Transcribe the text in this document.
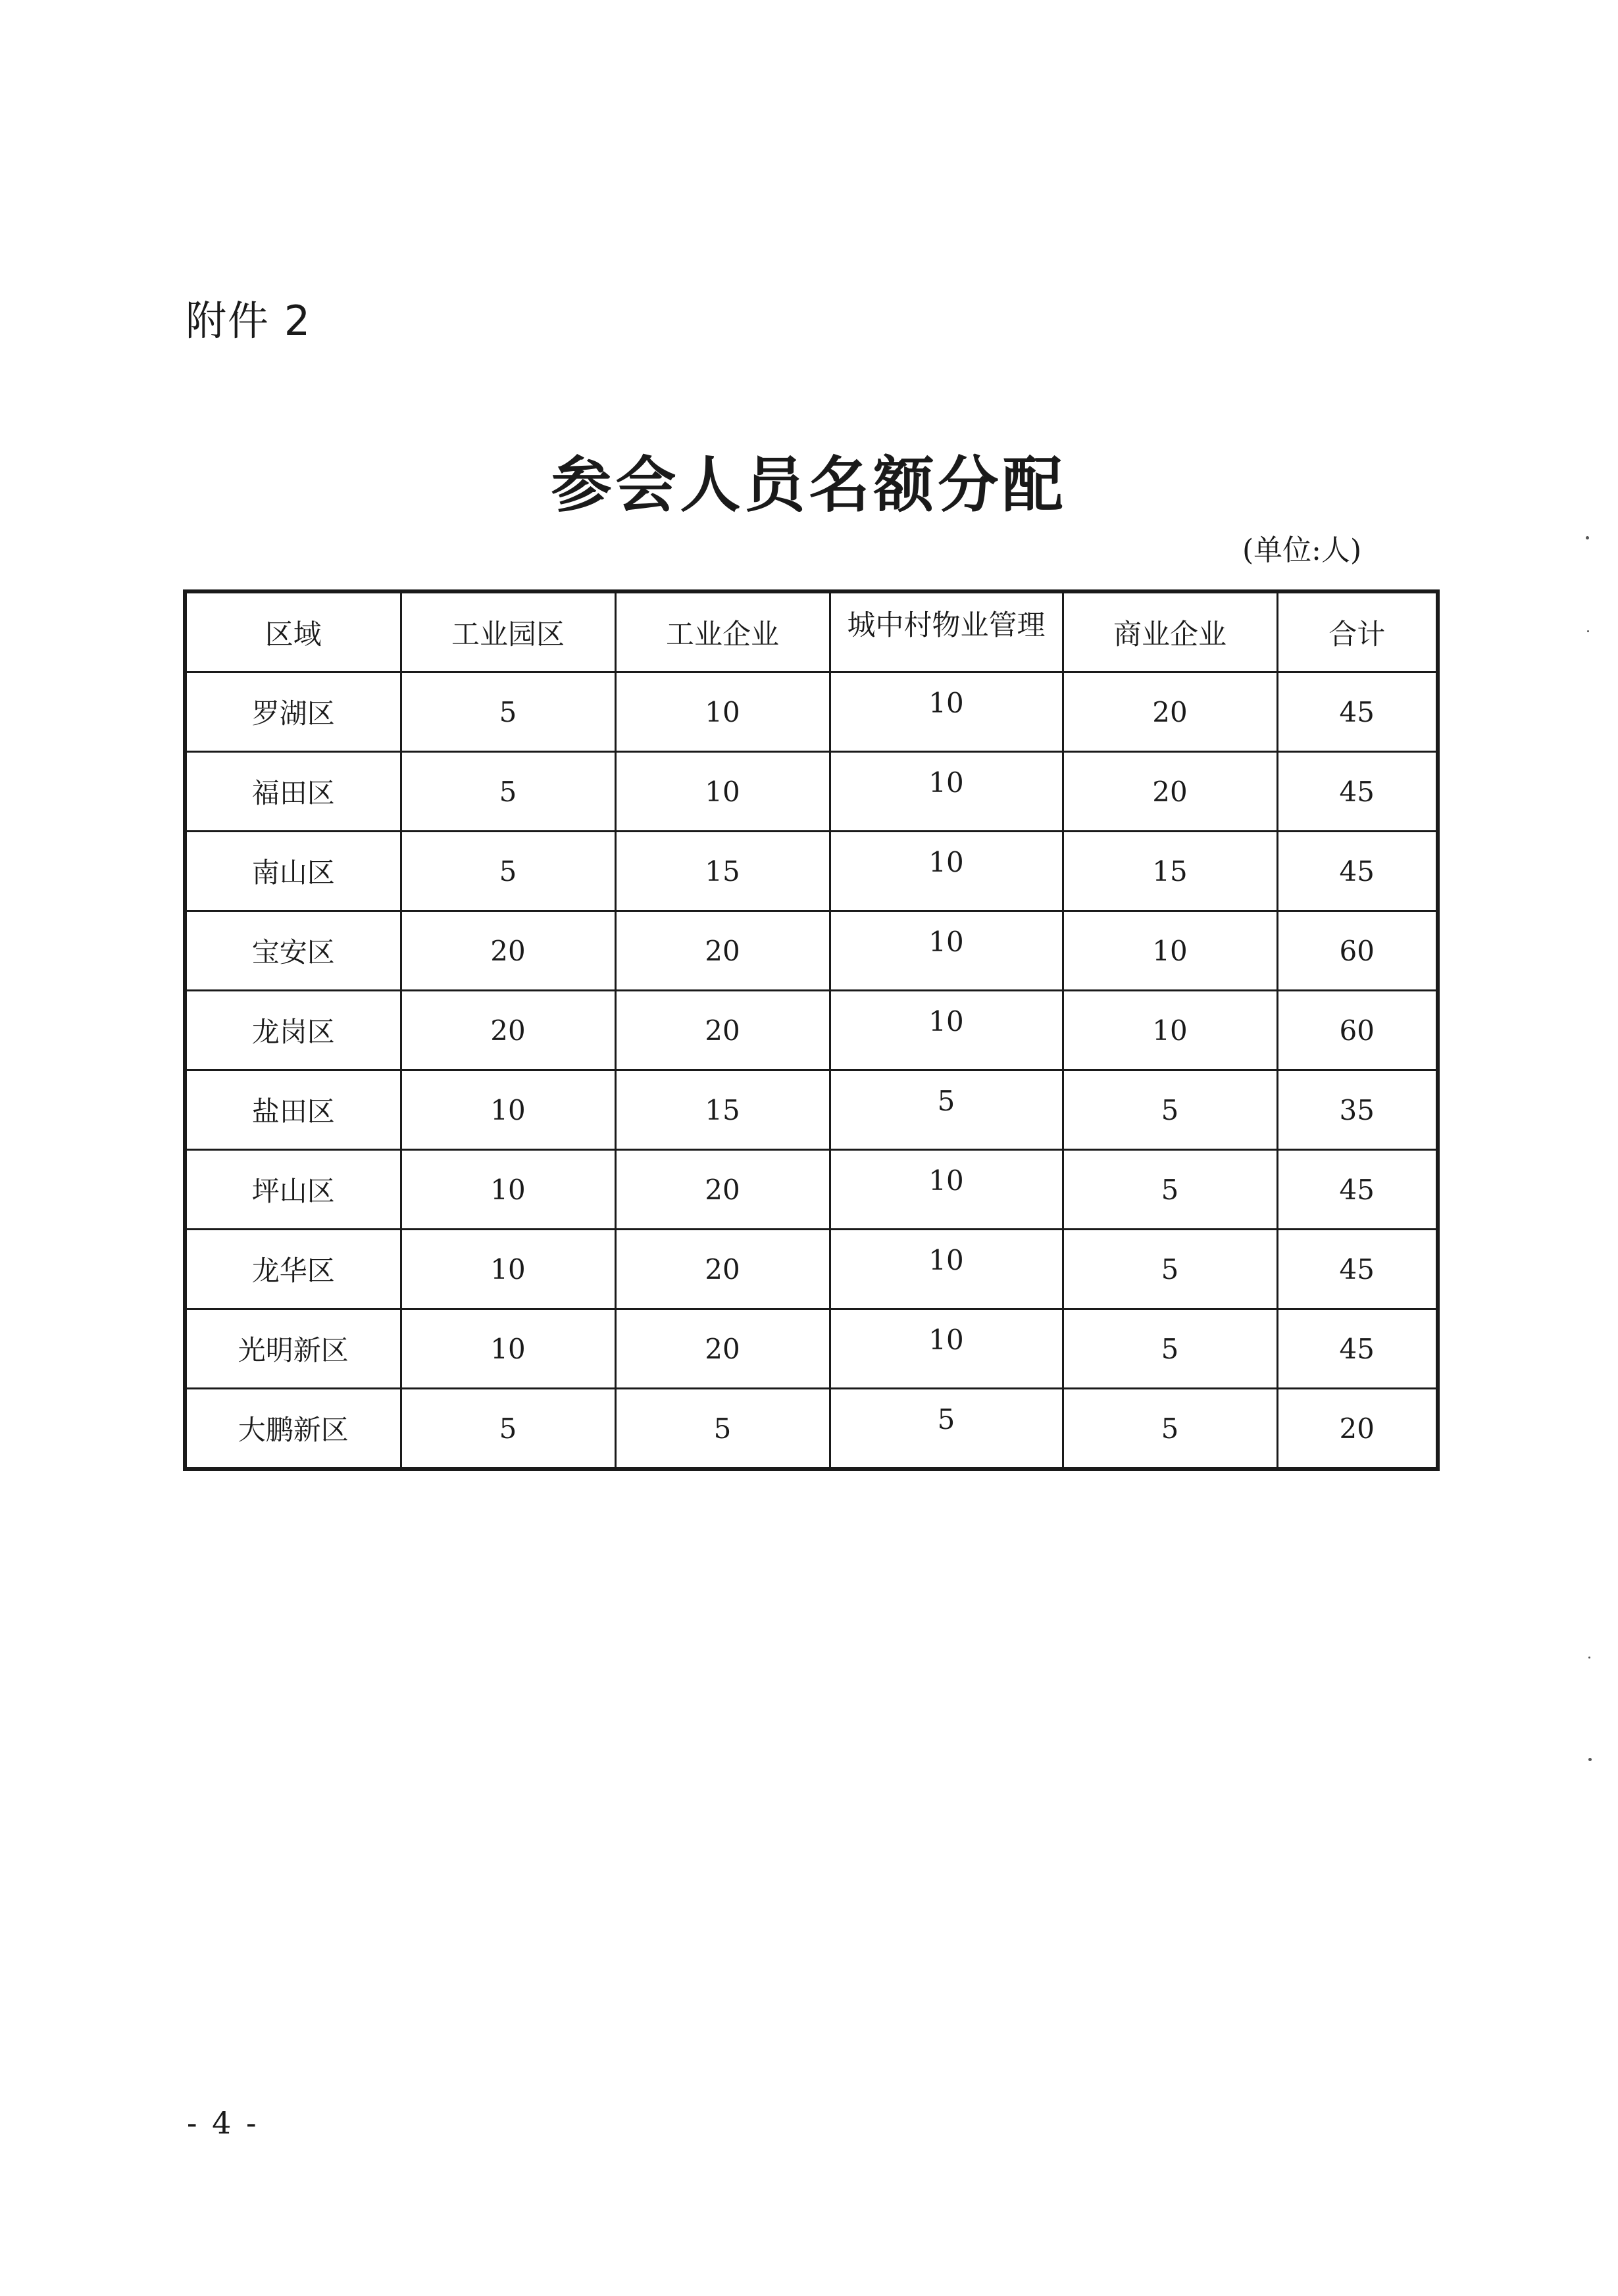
附件 2
参会人员名额分配
(单位:人)
区域	工业园区	工业企业	城中村物业管理	商业企业	合计
罗湖区	5	10	10	20	45
福田区	5	10	10	20	45
南山区	5	15	10	15	45
宝安区	20	20	10	10	60
龙岗区	20	20	10	10	60
盐田区	10	15	5	5	35
坪山区	10	20	10	5	45
龙华区	10	20	10	5	45
光明新区	10	20	10	5	45
大鹏新区	5	5	5	5	20
- 4 -
